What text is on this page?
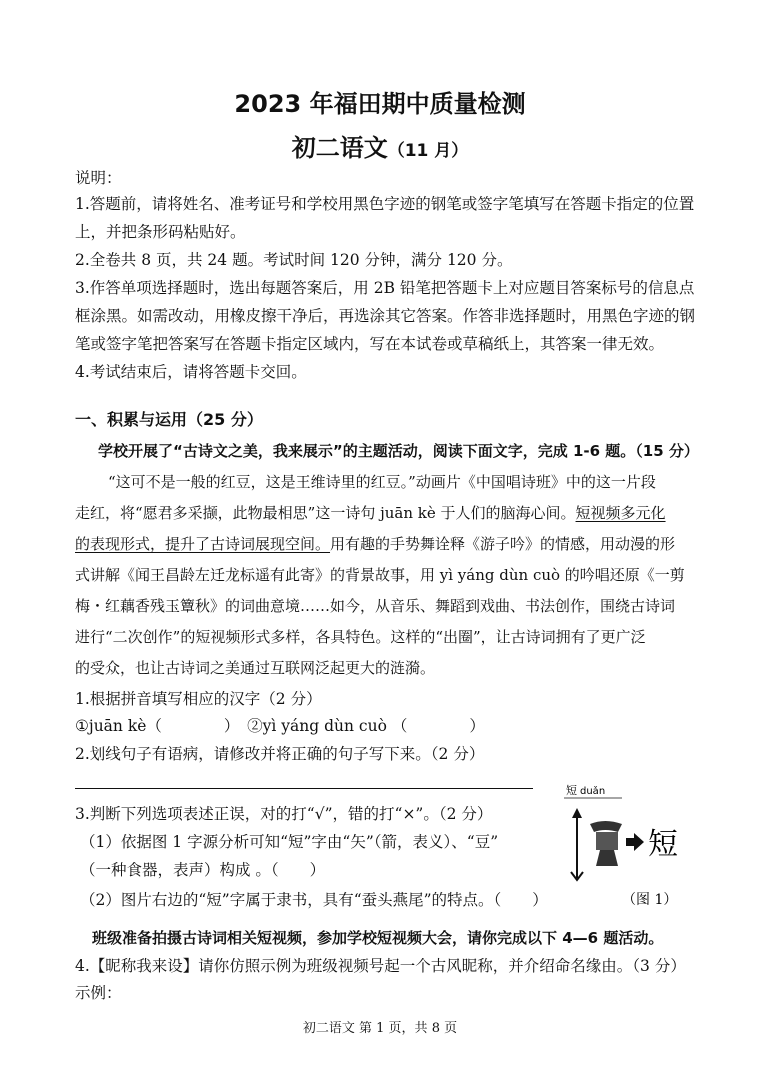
2023 年福田期中质量检测
初二语文（11 月）
说明：
1.答题前，请将姓名、准考证号和学校用黑色字迹的钢笔或签字笔填写在答题卡指定的位置
上，并把条形码粘贴好。
2.全卷共 8 页，共 24 题。考试时间 120 分钟，满分 120 分。
3.作答单项选择题时，选出每题答案后，用 2B 铅笔把答题卡上对应题目答案标号的信息点
框涂黑。如需改动，用橡皮擦干净后，再选涂其它答案。作答非选择题时，用黑色字迹的钢
笔或签字笔把答案写在答题卡指定区域内，写在本试卷或草稿纸上，其答案一律无效。
4.考试结束后，请将答题卡交回。
一、积累与运用（25 分）
学校开展了“古诗文之美，我来展示”的主题活动，阅读下面文字，完成 1-6 题。（15 分）
“这可不是一般的红豆，这是王维诗里的红豆。”动画片《中国唱诗班》中的这一片段
走红，将“愿君多采撷，此物最相思”这一诗句 juān kè 于人们的脑海心间。短视频多元化
的表现形式，提升了古诗词展现空间。用有趣的手势舞诠释《游子吟》的情感，用动漫的形
式讲解《闻王昌龄左迁龙标遥有此寄》的背景故事，用 yì yáng dùn cuò 的吟唱还原《一剪
梅・红藕香残玉簟秋》的词曲意境……如今，从音乐、舞蹈到戏曲、书法创作，围绕古诗词
进行“二次创作”的短视频形式多样，各具特色。这样的“出圈”，让古诗词拥有了更广泛
的受众，也让古诗词之美通过互联网泛起更大的涟漪。
1.根据拼音填写相应的汉字（2 分）
①juān kè（　　　　）　②yì yáng dùn cuò （　　　　）
2.划线句子有语病，请修改并将正确的句子写下来。（2 分）
3.判断下列选项表述正误，对的打“√”，错的打“×”。（2 分）
（1）依据图 1 字源分析可知“短”字由“矢”（箭，表义）、“豆”
（一种食器，表声）构成 。（　　）
（2）图片右边的“短”字属于隶书，具有“蚕头燕尾”的特点。（　　）
短 duǎn
短
（图 1）
班级准备拍摄古诗词相关短视频，参加学校短视频大会，请你完成以下 4—6 题活动。
4.【昵称我来设】请你仿照示例为班级视频号起一个古风昵称，并介绍命名缘由。（3 分）
示例：
初二语文 第 1 页，共 8 页
